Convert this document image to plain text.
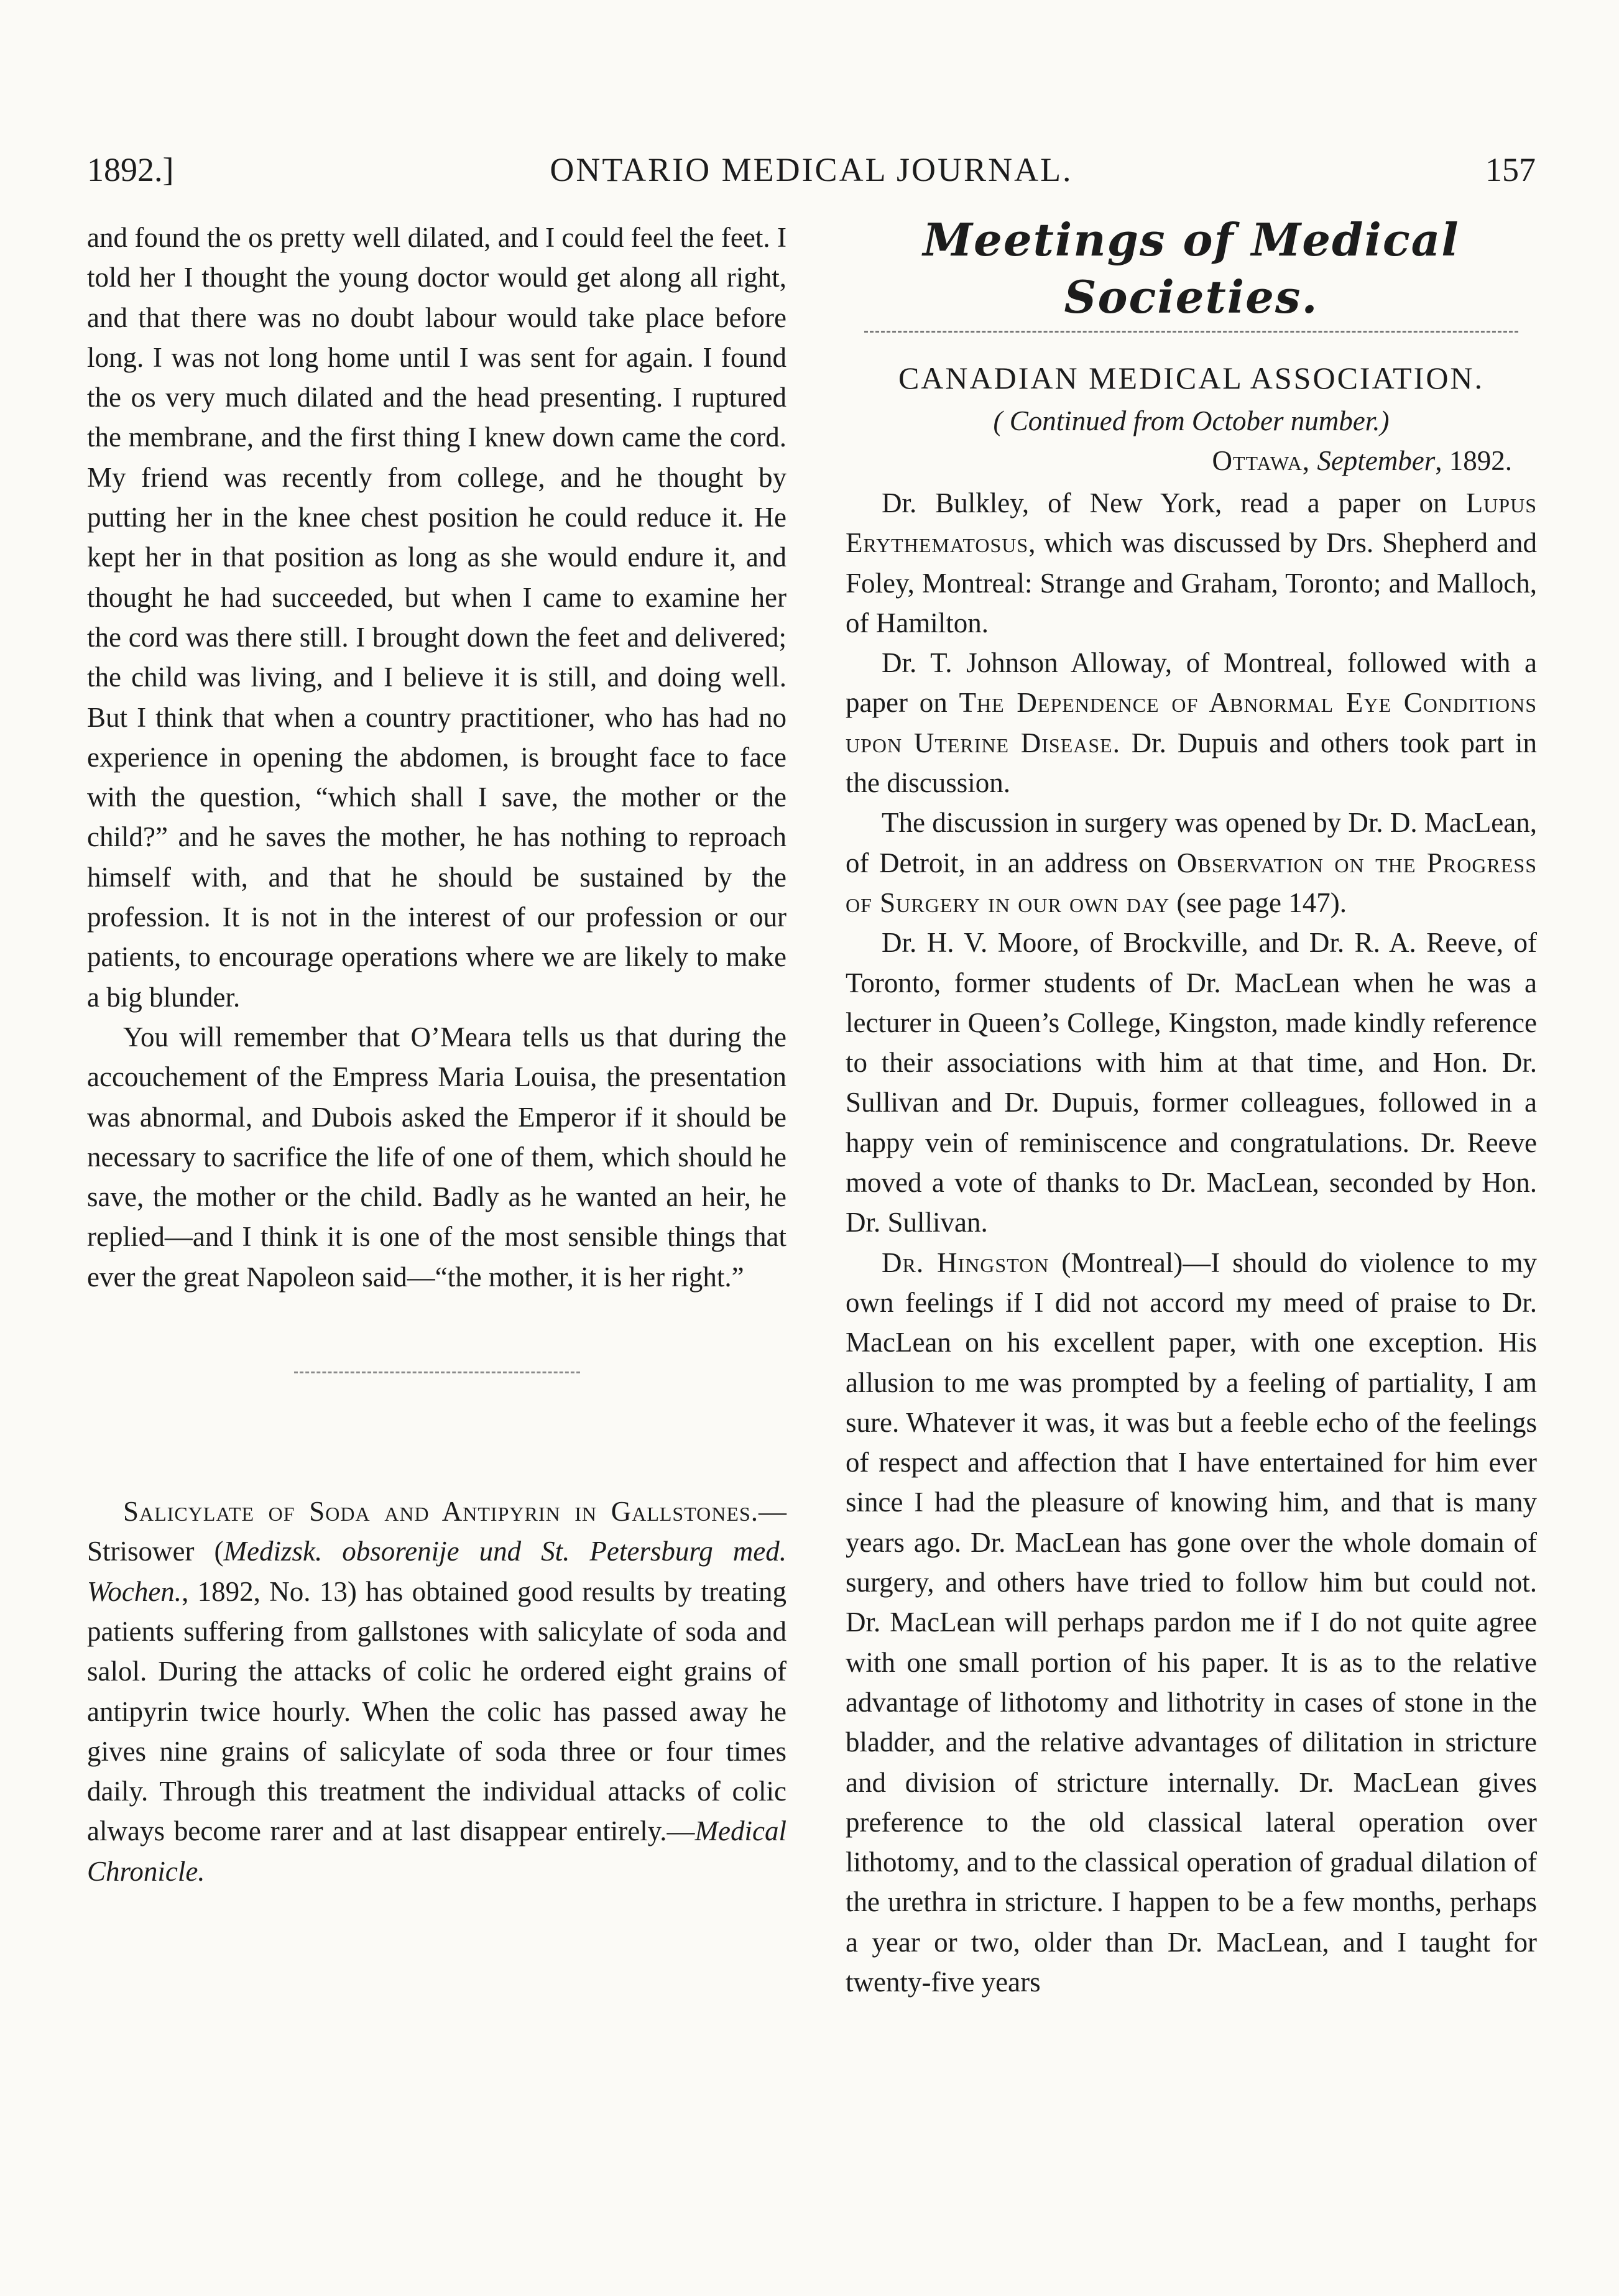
1892.]	ONTARIO MEDICAL JOURNAL.	157

and found the os pretty well dilated, and I could feel the feet. I told her I thought the young doctor would get along all right, and that there was no doubt labour would take place before long. I was not long home until I was sent for again. I found the os very much dilated and the head presenting. I ruptured the membrane, and the first thing I knew down came the cord. My friend was recently from college, and he thought by putting her in the knee chest position he could reduce it. He kept her in that position as long as she would endure it, and thought he had succeeded, but when I came to examine her the cord was there still. I brought down the feet and delivered; the child was living, and I believe it is still, and doing well. But I think that when a country practitioner, who has had no experience in opening the abdomen, is brought face to face with the question, “which shall I save, the mother or the child?” and he saves the mother, he has nothing to reproach himself with, and that he should be sustained by the profession. It is not in the interest of our profession or our patients, to encourage operations where we are likely to make a big blunder.

You will remember that O’Meara tells us that during the accouchement of the Empress Maria Louisa, the presentation was abnormal, and Dubois asked the Emperor if it should be necessary to sacrifice the life of one of them, which should he save, the mother or the child. Badly as he wanted an heir, he replied—and I think it is one of the most sensible things that ever the great Napoleon said—“the mother, it is her right.”

Salicylate of Soda and Antipyrin in Gallstones.—Strisower (Medizsk. obsorenije und St. Petersburg med. Wochen., 1892, No. 13) has obtained good results by treating patients suffering from gallstones with salicylate of soda and salol. During the attacks of colic he ordered eight grains of antipyrin twice hourly. When the colic has passed away he gives nine grains of salicylate of soda three or four times daily. Through this treatment the individual attacks of colic always become rarer and at last disappear entirely.—Medical Chronicle.

Meetings of Medical Societies.

CANADIAN MEDICAL ASSOCIATION.

( Continued from October number.)

Ottawa, September, 1892.

Dr. Bulkley, of New York, read a paper on Lupus Erythematosus, which was discussed by Drs. Shepherd and Foley, Montreal: Strange and Graham, Toronto; and Malloch, of Hamilton.

Dr. T. Johnson Alloway, of Montreal, followed with a paper on The Dependence of Abnormal Eye Conditions upon Uterine Disease. Dr. Dupuis and others took part in the discussion.

The discussion in surgery was opened by Dr. D. MacLean, of Detroit, in an address on Observation on the Progress of Surgery in our own day (see page 147).

Dr. H. V. Moore, of Brockville, and Dr. R. A. Reeve, of Toronto, former students of Dr. MacLean when he was a lecturer in Queen’s College, Kingston, made kindly reference to their associations with him at that time, and Hon. Dr. Sullivan and Dr. Dupuis, former colleagues, followed in a happy vein of reminiscence and congratulations. Dr. Reeve moved a vote of thanks to Dr. MacLean, seconded by Hon. Dr. Sullivan.

Dr. Hingston (Montreal)—I should do violence to my own feelings if I did not accord my meed of praise to Dr. MacLean on his excellent paper, with one exception. His allusion to me was prompted by a feeling of partiality, I am sure. Whatever it was, it was but a feeble echo of the feelings of respect and affection that I have entertained for him ever since I had the pleasure of knowing him, and that is many years ago. Dr. MacLean has gone over the whole domain of surgery, and others have tried to follow him but could not. Dr. MacLean will perhaps pardon me if I do not quite agree with one small portion of his paper. It is as to the relative advantage of lithotomy and lithotrity in cases of stone in the bladder, and the relative advantages of dilitation in stricture and division of stricture internally. Dr. MacLean gives preference to the old classical lateral operation over lithotomy, and to the classical operation of gradual dilation of the urethra in stricture. I happen to be a few months, perhaps a year or two, older than Dr. MacLean, and I taught for twenty-five years
